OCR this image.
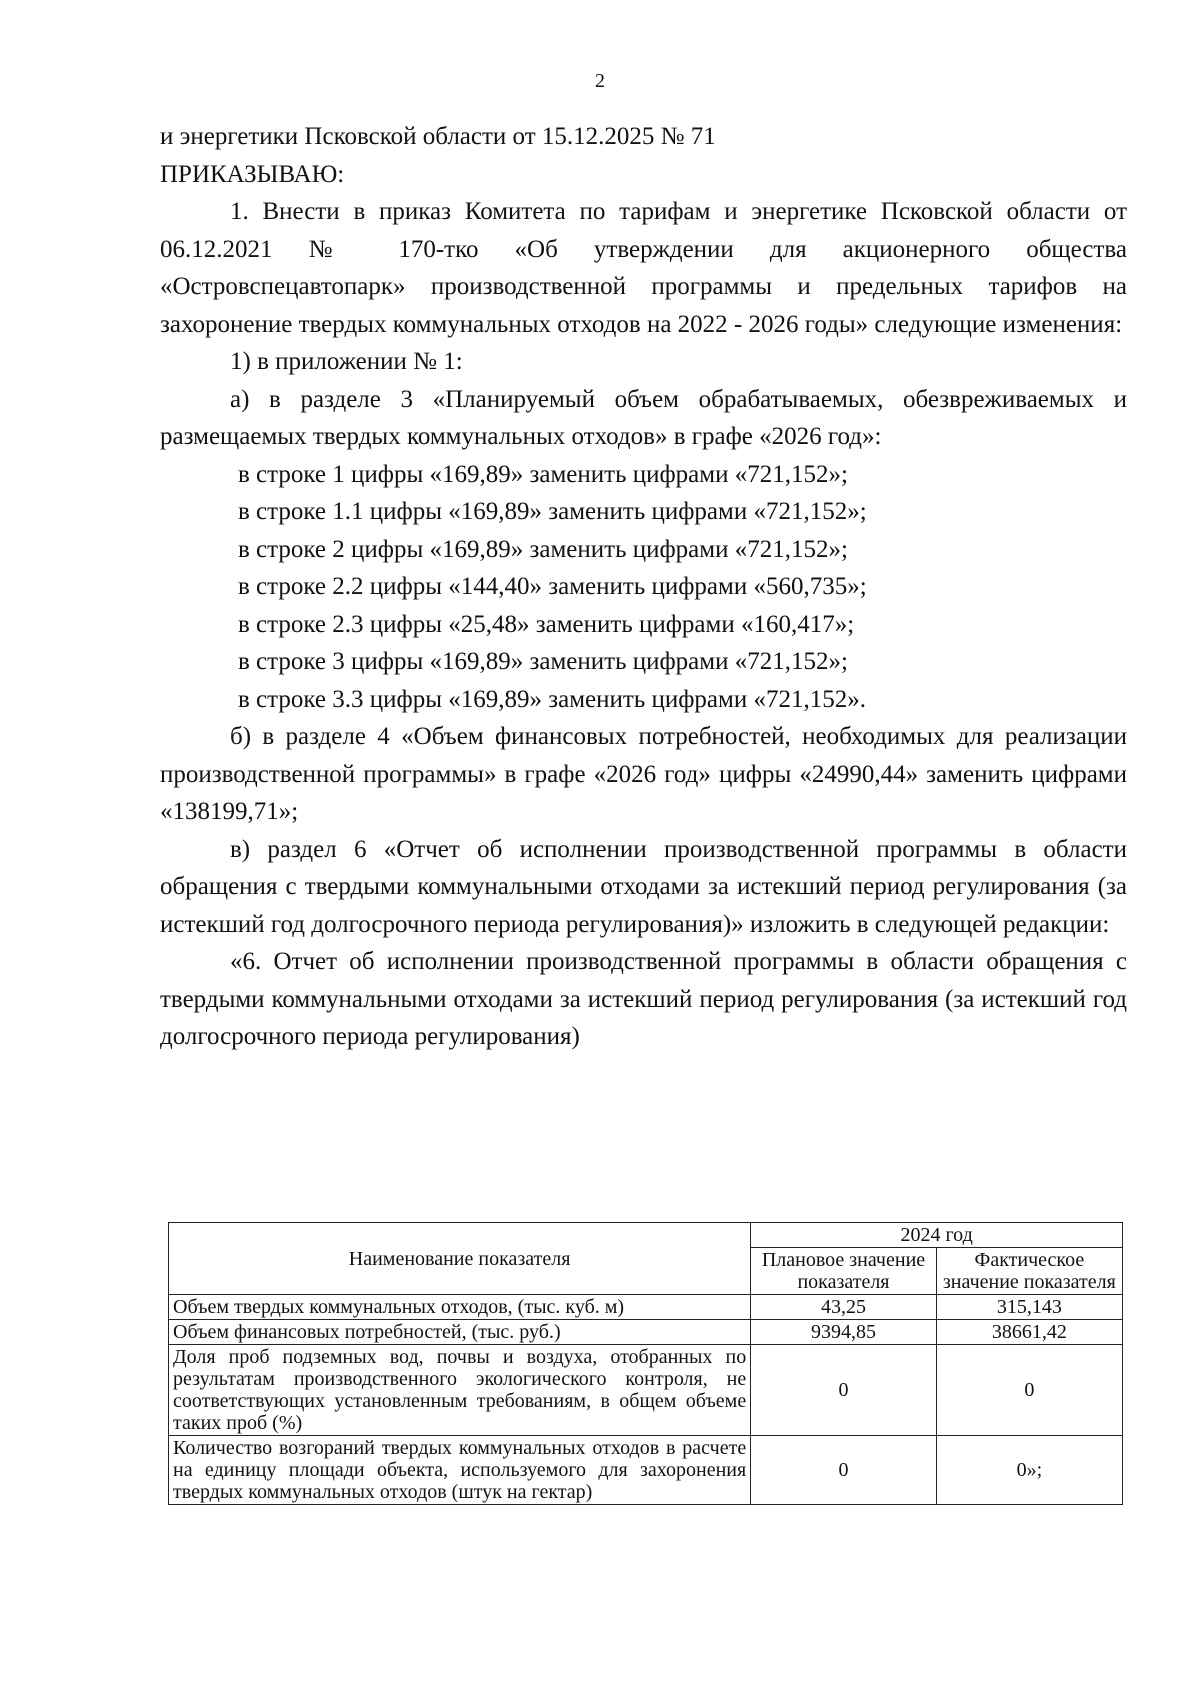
2

и энергетики Псковской области от 15.12.2025 № 71

ПРИКАЗЫВАЮ:

1. Внести в приказ Комитета по тарифам и энергетике Псковской области от 06.12.2021 № 170-тко «Об утверждении для акционерного общества «Островспецавтопарк» производственной программы и предельных тарифов на захоронение твердых коммунальных отходов на 2022 - 2026 годы» следующие изменения:

1) в приложении № 1:

а) в разделе 3 «Планируемый объем обрабатываемых, обезвреживаемых и размещаемых твердых коммунальных отходов» в графе «2026 год»:

в строке 1 цифры «169,89» заменить цифрами «721,152»;

в строке 1.1 цифры «169,89» заменить цифрами «721,152»;

в строке 2 цифры «169,89» заменить цифрами «721,152»;

в строке 2.2 цифры «144,40» заменить цифрами «560,735»;

в строке 2.3 цифры «25,48» заменить цифрами «160,417»;

в строке 3 цифры «169,89» заменить цифрами «721,152»;

в строке 3.3 цифры «169,89» заменить цифрами «721,152».

б) в разделе 4 «Объем финансовых потребностей, необходимых для реализации производственной программы» в графе «2026 год» цифры «24990,44» заменить цифрами «138199,71»;

в) раздел 6 «Отчет об исполнении производственной программы в области обращения с твердыми коммунальными отходами за истекший период регулирования (за истекший год долгосрочного периода регулирования)» изложить в следующей редакции:

«6. Отчет об исполнении производственной программы в области обращения с твердыми коммунальными отходами за истекший период регулирования (за истекший год долгосрочного периода регулирования)

Наименование показателя	2024 год	
	Плановое значение показателя	Фактическое значение показателя
Объем твердых коммунальных отходов, (тыс. куб. м)	43,25	315,143
Объем финансовых потребностей, (тыс. руб.)	9394,85	38661,42
Доля проб подземных вод, почвы и воздуха, отобранных по результатам производственного экологического контроля, не соответствующих установленным требованиям, в общем объеме таких проб (%)	0	0
Количество возгораний твердых коммунальных отходов в расчете на единицу площади объекта, используемого для захоронения твердых коммунальных отходов (штук на гектар)	0	0»;
